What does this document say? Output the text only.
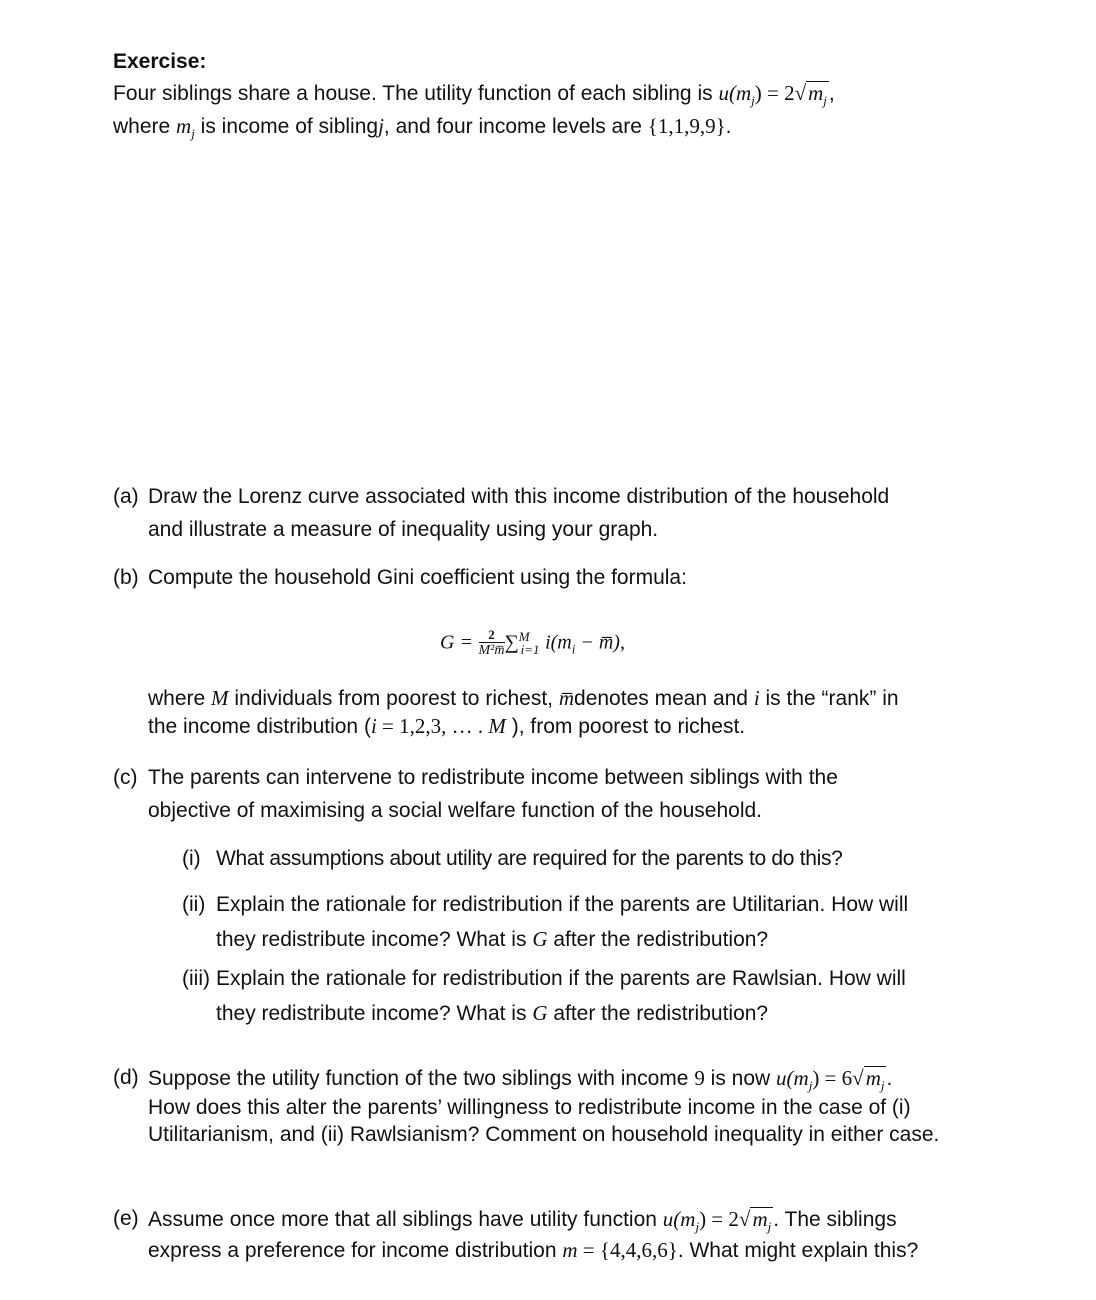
Exercise:
Four siblings share a house. The utility function of each sibling is $u(m_j) = 2√m_j$,
where $m_j$ is income of siblingj, and four income levels are {1,1,9,9}.
(a) Draw the Lorenz curve associated with this income distribution of the household
and illustrate a measure of inequality using your graph.
(b) Compute the household Gini coefficient using the formula:
$G = \frac{2}{\text{M²m̅}} \sum^M_{i=1}$ $i(m_i$ − m̅),
where M individuals from poorest to richest, m̅denotes mean and i is the “rank” in
the income distribution (i = 1,2,3, … . M ), from poorest to richest.
(c) The parents can intervene to redistribute income between siblings with the
objective of maximising a social welfare function of the household.
(i) What assumptions about utility are required for the parents to do this?
(ii) Explain the rationale for redistribution if the parents are Utilitarian. How will
they redistribute income? What is G after the redistribution?
(iii) Explain the rationale for redistribution if the parents are Rawlsian. How will
they redistribute income? What is G after the redistribution?
(d) Suppose the utility function of the two siblings with income 9 is now $u(m_j) = 6√m_j$.
How does this alter the parents’ willingness to redistribute income in the case of (i)
Utilitarianism, and (ii) Rawlsianism? Comment on household inequality in either case.
(e) Assume once more that all siblings have utility function $u(m_j) = 2√m_j$. The siblings
express a preference for income distribution m = {4,4,6,6}. What might explain this?
